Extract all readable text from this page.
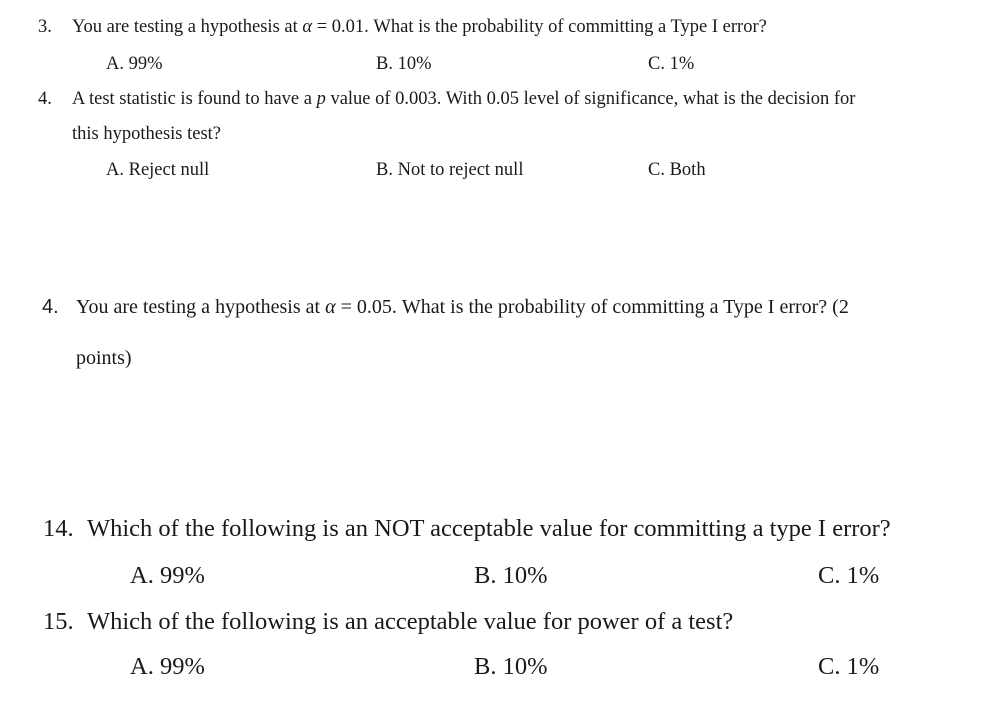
3. You are testing a hypothesis at α = 0.01. What is the probability of committing a Type I error?
A. 99%	B. 10%	C. 1%
4. A test statistic is found to have a p value of 0.003. With 0.05 level of significance, what is the decision for
this hypothesis test?
A. Reject null	B. Not to reject null	C. Both
4. You are testing a hypothesis at α = 0.05. What is the probability of committing a Type I error? (2
points)
14. Which of the following is an NOT acceptable value for committing a type I error?
A. 99%	B. 10%	C. 1%
15. Which of the following is an acceptable value for power of a test?
A. 99%	B. 10%	C. 1%
